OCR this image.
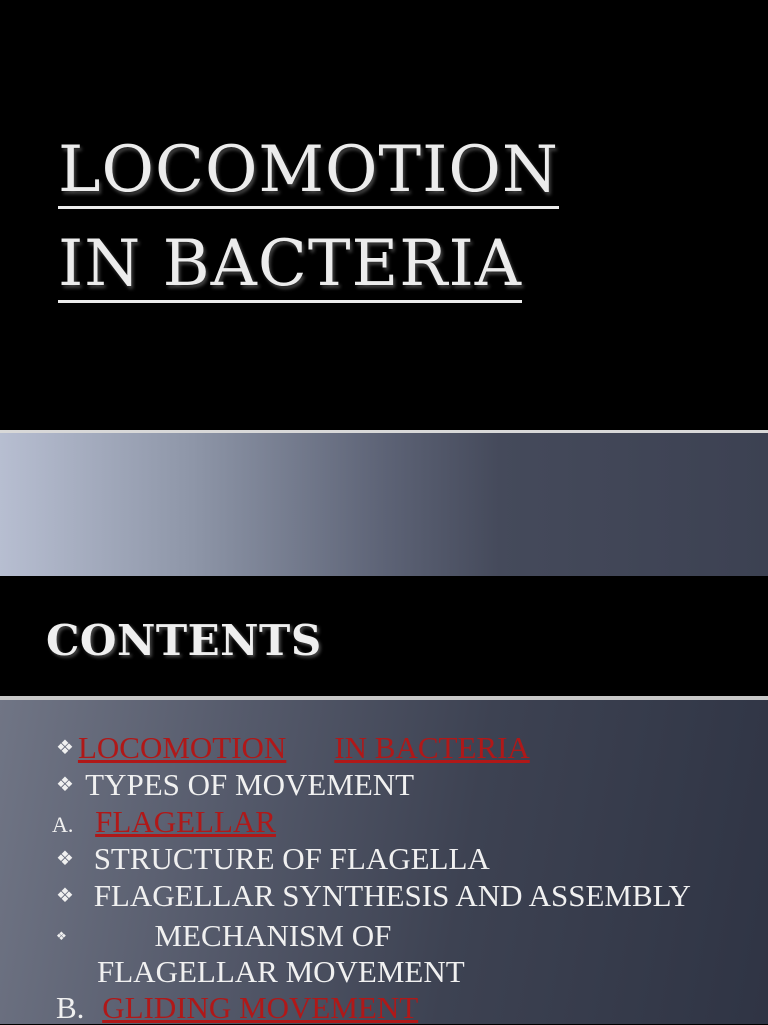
LOCOMOTION
IN BACTERIA
CONTENTS
❖ LOCOMOTION IN BACTERIA
❖ TYPES OF MOVEMENT
A. FLAGELLAR
❖ STRUCTURE OF FLAGELLA
❖ FLAGELLAR SYNTHESIS AND ASSEMBLY
❖	MECHANISM OF
FLAGELLAR MOVEMENT
B. GLIDING MOVEMENT
